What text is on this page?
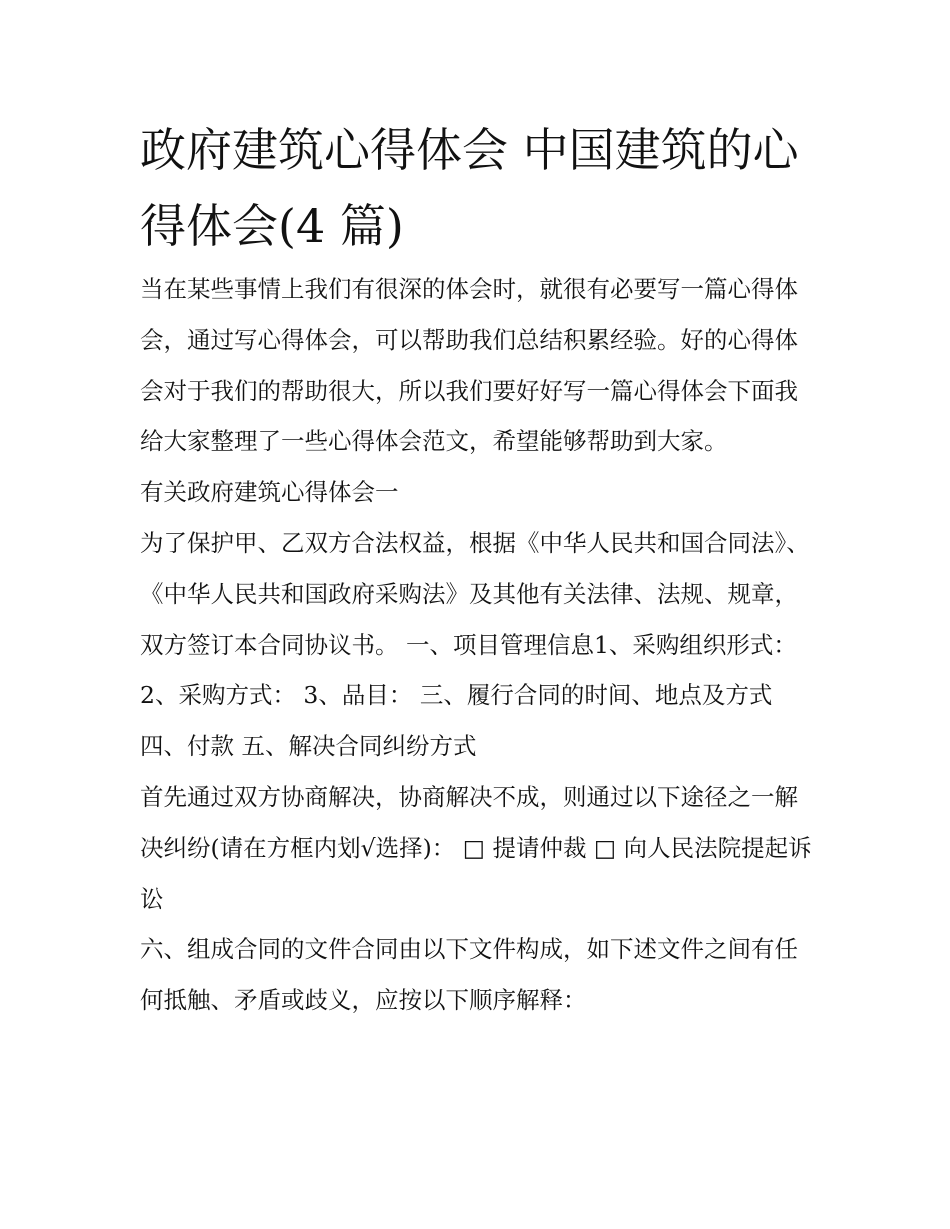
政府建筑心得体会 中国建筑的心得体会(4 篇)

当在某些事情上我们有很深的体会时，就很有必要写一篇心得体会，通过写心得体会，可以帮助我们总结积累经验。好的心得体会对于我们的帮助很大，所以我们要好好写一篇心得体会下面我给大家整理了一些心得体会范文，希望能够帮助到大家。

有关政府建筑心得体会一

为了保护甲、乙双方合法权益，根据《中华人民共和国合同法》、《中华人民共和国政府采购法》及其他有关法律、法规、规章，双方签订本合同协议书。 一、项目管理信息1、采购组织形式： 2、采购方式： 3、品目： 三、履行合同的时间、地点及方式 四、付款 五、解决合同纠纷方式

首先通过双方协商解决，协商解决不成，则通过以下途径之一解决纠纷(请在方框内划√选择)： □ 提请仲裁 □ 向人民法院提起诉讼

六、组成合同的文件合同由以下文件构成，如下述文件之间有任何抵触、矛盾或歧义，应按以下顺序解释：
